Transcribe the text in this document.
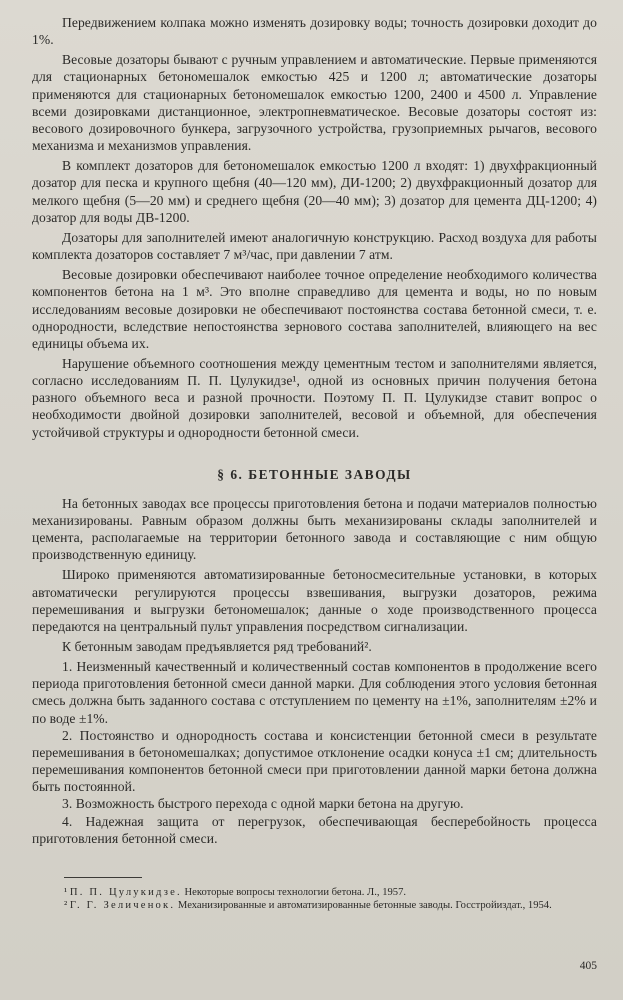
Передвижением колпака можно изменять дозировку воды; точность дозировки доходит до 1%.

Весовые дозаторы бывают с ручным управлением и автоматические. Первые применяются для стационарных бетономешалок емкостью 425 и 1200 л; автоматические дозаторы применяются для стационарных бетономешалок емкостью 1200, 2400 и 4500 л. Управление всеми дозировками дистанционное, электропневматическое. Весовые дозаторы состоят из: весового дозировочного бункера, загрузочного устройства, грузоприемных рычагов, весового механизма и механизмов управления.

В комплект дозаторов для бетономешалок емкостью 1200 л входят: 1) двухфракционный дозатор для песка и крупного щебня (40—120 мм), ДИ-1200; 2) двухфракционный дозатор для мелкого щебня (5—20 мм) и среднего щебня (20—40 мм); 3) дозатор для цемента ДЦ-1200; 4) дозатор для воды ДВ-1200.

Дозаторы для заполнителей имеют аналогичную конструкцию. Расход воздуха для работы комплекта дозаторов составляет 7 м³/час, при давлении 7 атм.

Весовые дозировки обеспечивают наиболее точное определение необходимого количества компонентов бетона на 1 м³. Это вполне справедливо для цемента и воды, но по новым исследованиям весовые дозировки не обеспечивают постоянства состава бетонной смеси, т. е. однородности, вследствие непостоянства зернового состава заполнителей, влияющего на вес единицы объема их.

Нарушение объемного соотношения между цементным тестом и заполнителями является, согласно исследованиям П. П. Цулукидзе¹, одной из основных причин получения бетона разного объемного веса и разной прочности. Поэтому П. П. Цулукидзе ставит вопрос о необходимости двойной дозировки заполнителей, весовой и объемной, для обеспечения устойчивой структуры и однородности бетонной смеси.

§ 6. БЕТОННЫЕ ЗАВОДЫ

На бетонных заводах все процессы приготовления бетона и подачи материалов полностью механизированы. Равным образом должны быть механизированы склады заполнителей и цемента, располагаемые на территории бетонного завода и составляющие с ним общую производственную единицу.

Широко применяются автоматизированные бетоносмесительные установки, в которых автоматически регулируются процессы взвешивания, выгрузки дозаторов, режима перемешивания и выгрузки бетономешалок; данные о ходе производственного процесса передаются на центральный пульт управления посредством сигнализации.

К бетонным заводам предъявляется ряд требований².

1. Неизменный качественный и количественный состав компонентов в продолжение всего периода приготовления бетонной смеси данной марки. Для соблюдения этого условия бетонная смесь должна быть заданного состава с отступлением по цементу на ±1%, заполнителям ±2% и по воде ±1%.

2. Постоянство и однородность состава и консистенции бетонной смеси в результате перемешивания в бетономешалках; допустимое отклонение осадки конуса ±1 см; длительность перемешивания компонентов бетонной смеси при приготовлении данной марки бетона должна быть постоянной.

3. Возможность быстрого перехода с одной марки бетона на другую.

4. Надежная защита от перегрузок, обеспечивающая бесперебойность процесса приготовления бетонной смеси.

¹ П. П. Цулукидзе. Некоторые вопросы технологии бетона. Л., 1957.

² Г. Г. Зеличенок. Механизированные и автоматизированные бетонные заводы. Госстройиздат., 1954.

405
